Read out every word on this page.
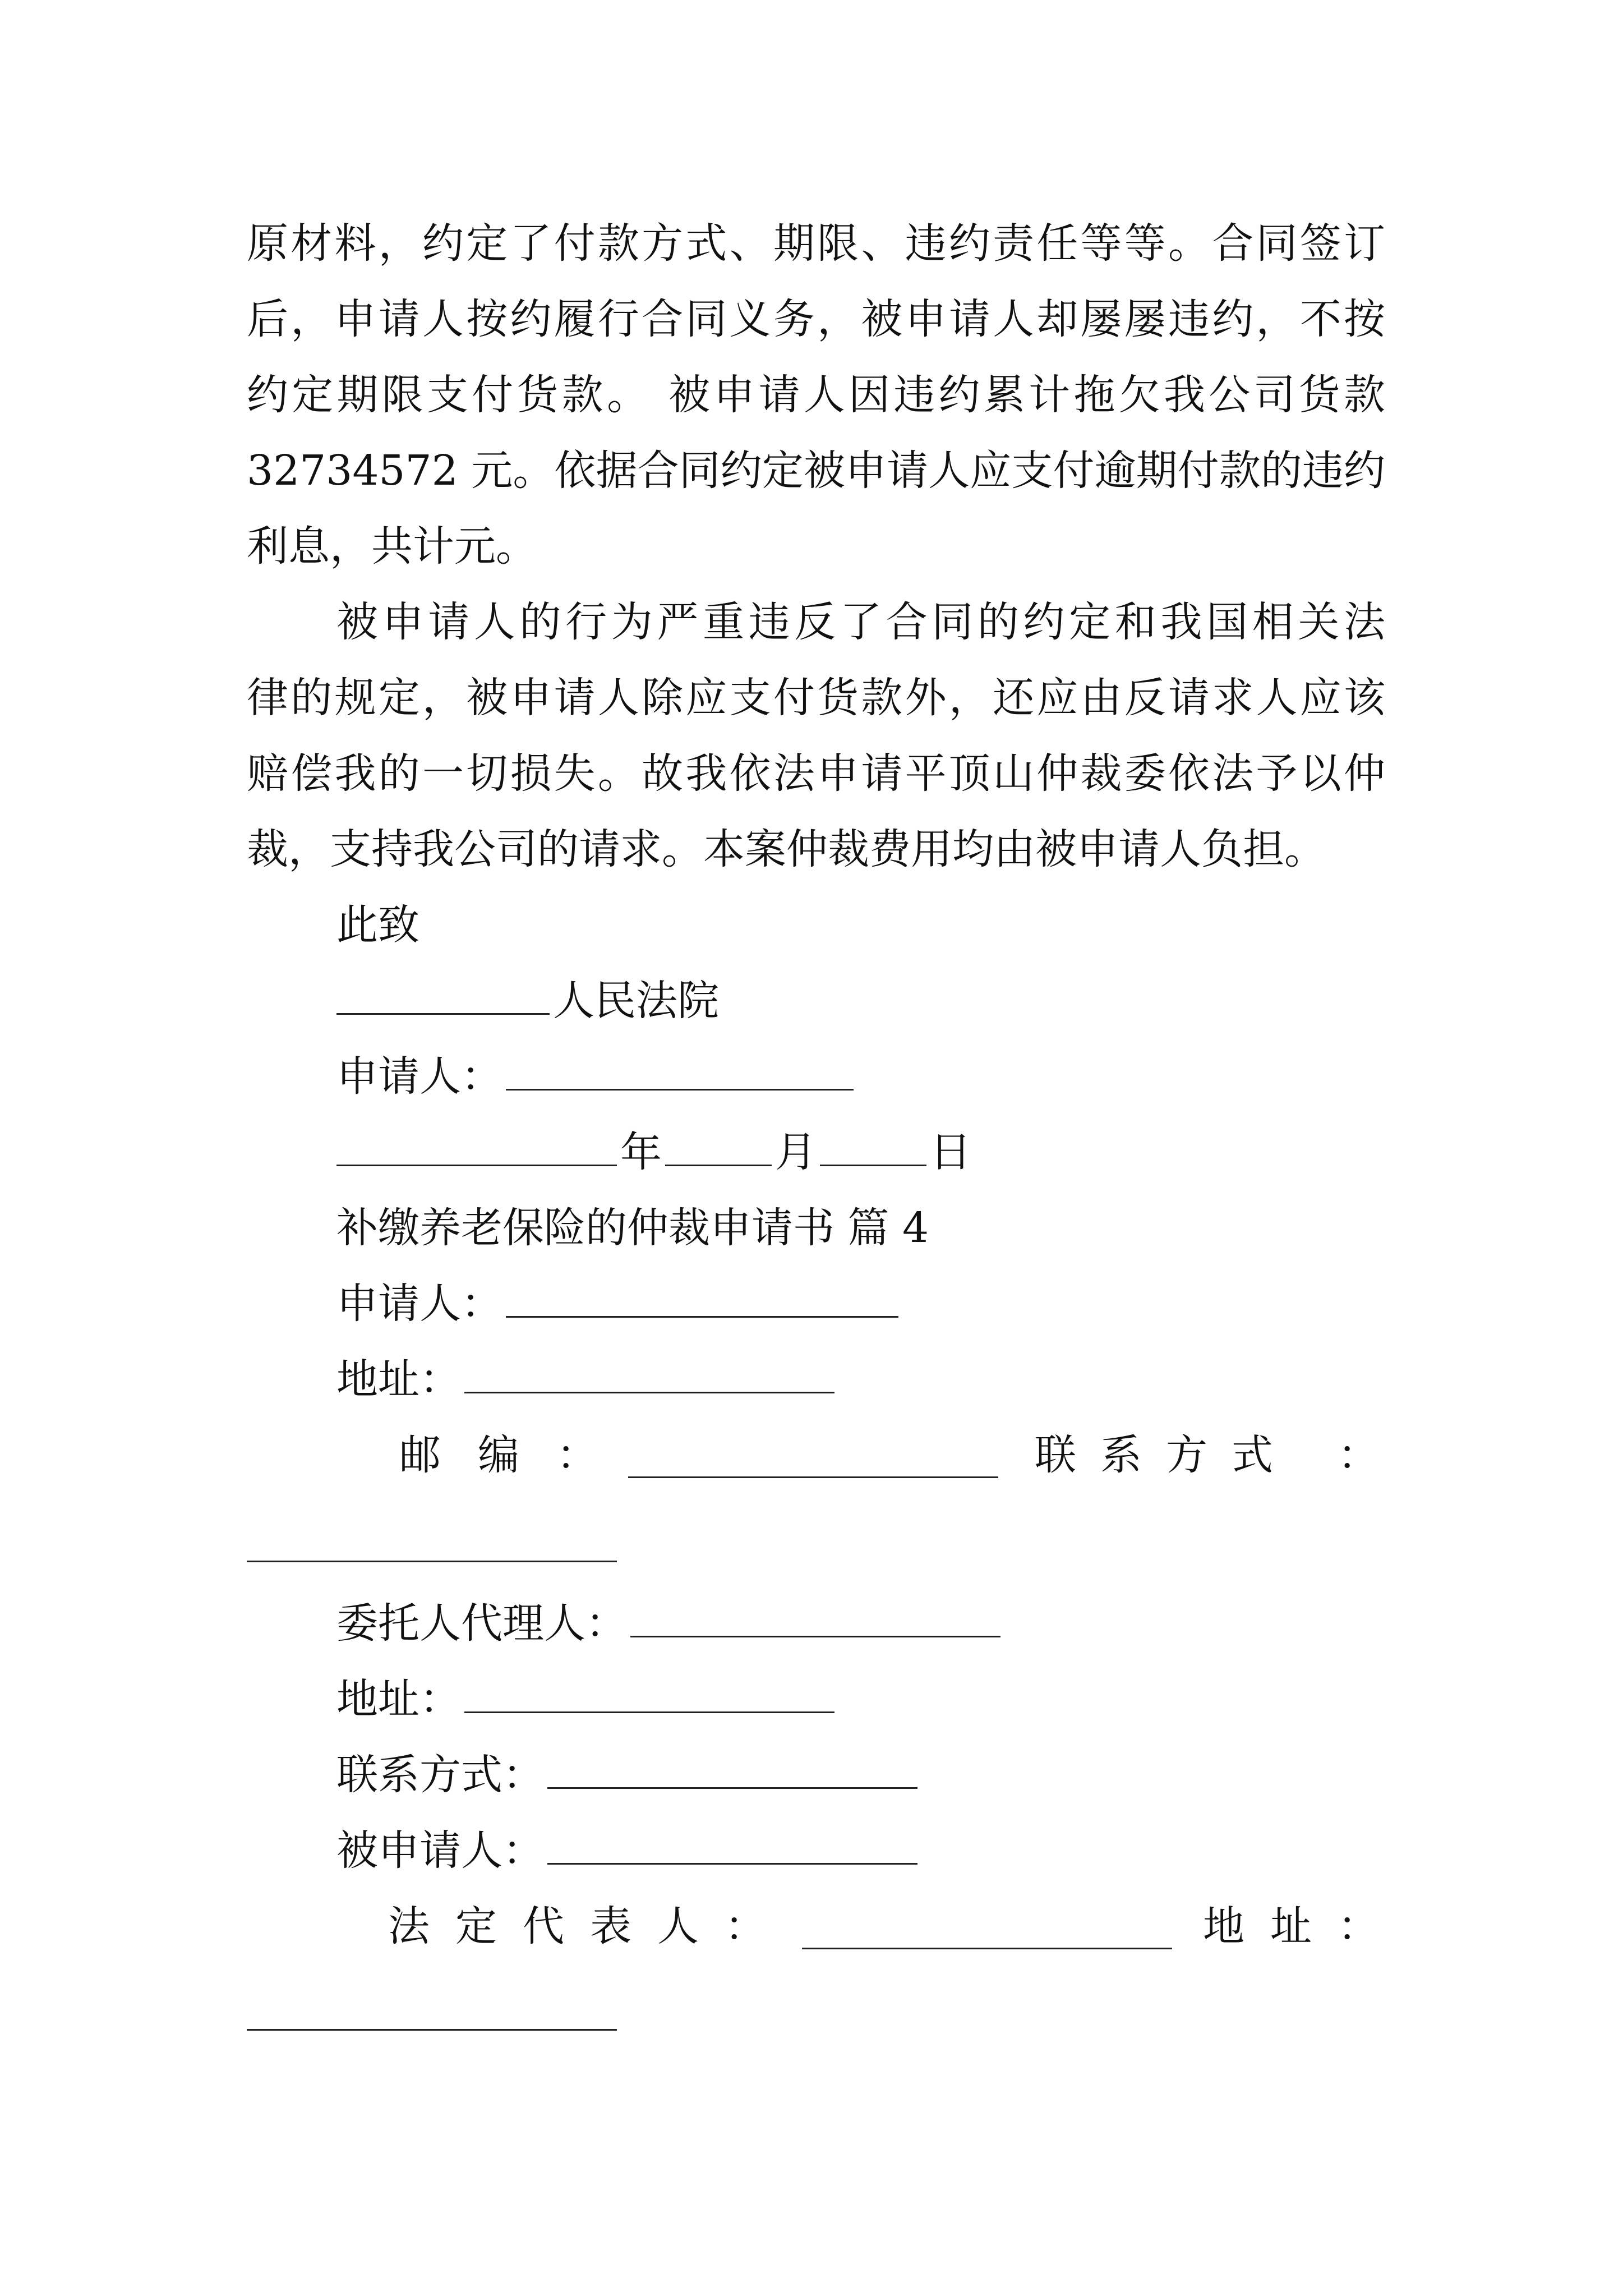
原材料，约定了付款方式、期限、违约责任等等。合同签订

后，申请人按约履行合同义务，被申请人却屡屡违约，不按

约定期限支付货款。 被申请人因违约累计拖欠我公司货款

32734572 元。依据合同约定被申请人应支付逾期付款的违约

利息，共计元。

被申请人的行为严重违反了合同的约定和我国相关法

律的规定，被申请人除应支付货款外，还应由反请求人应该

赔偿我的一切损失。故我依法申请平顶山仲裁委依法予以仲

裁，支持我公司的请求。本案仲裁费用均由被申请人负担。

此致

人民法院

申请人：

年	月	日

补缴养老保险的仲裁申请书 篇 4

申请人：

地址：

邮 编 ：	联 系 方 式 ：

委托人代理人：

地址：

联系方式：

被申请人：

法 定 代 表 人 ：	地 址 ：
